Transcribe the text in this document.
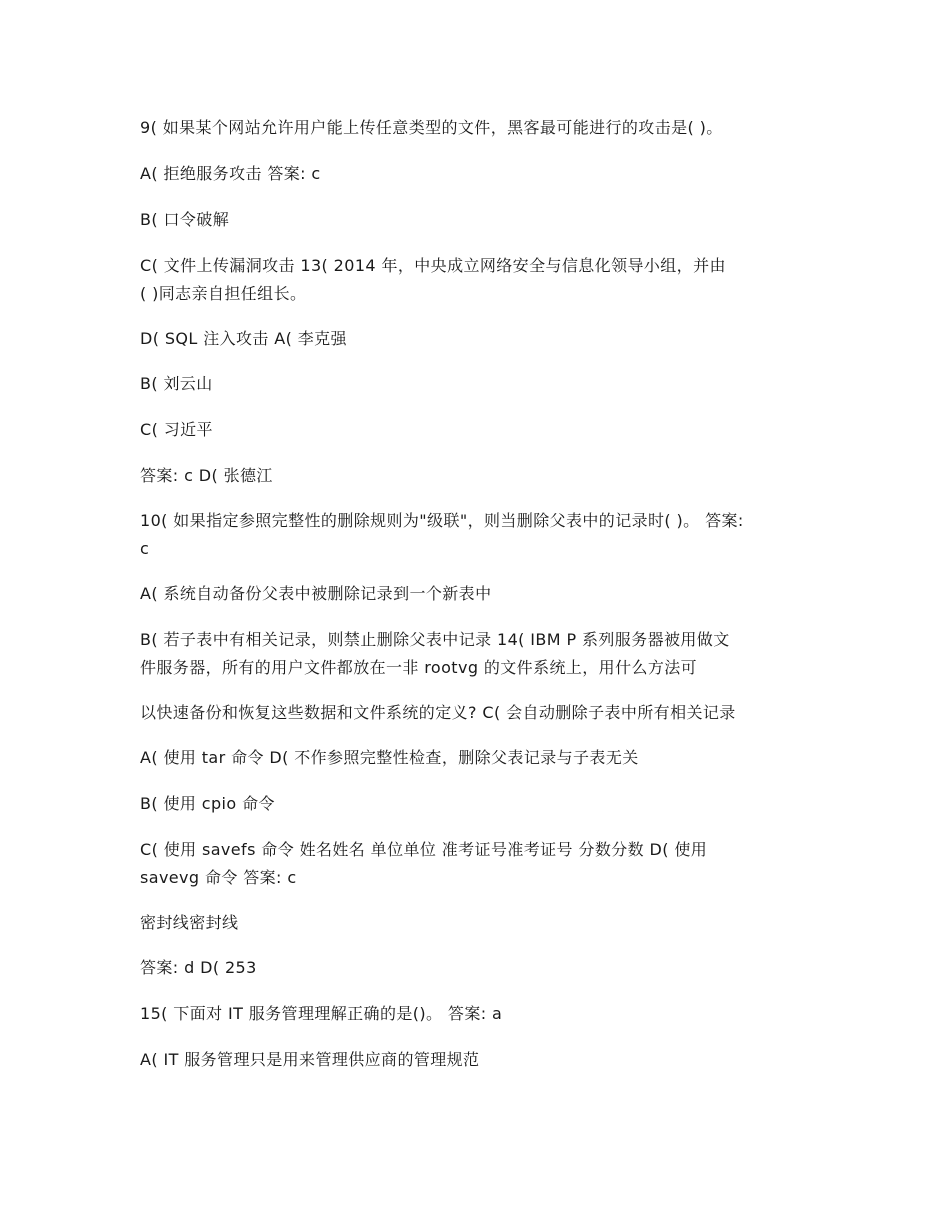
9( 如果某个网站允许用户能上传任意类型的文件，黑客最可能进行的攻击是( )。
A( 拒绝服务攻击 答案: c
B( 口令破解
C( 文件上传漏洞攻击 13( 2014 年，中央成立网络安全与信息化领导小组，并由
( )同志亲自担任组长。
D( SQL 注入攻击 A( 李克强
B( 刘云山
C( 习近平
答案: c D( 张德江
10( 如果指定参照完整性的删除规则为"级联"，则当删除父表中的记录时( )。 答案:
c
A( 系统自动备份父表中被删除记录到一个新表中
B( 若子表中有相关记录，则禁止删除父表中记录 14( IBM P 系列服务器被用做文
件服务器，所有的用户文件都放在一非 rootvg 的文件系统上，用什么方法可
以快速备份和恢复这些数据和文件系统的定义? C( 会自动删除子表中所有相关记录
A( 使用 tar 命令 D( 不作参照完整性检查，删除父表记录与子表无关
B( 使用 cpio 命令
C( 使用 savefs 命令 姓名姓名 单位单位 准考证号准考证号 分数分数 D( 使用
savevg 命令 答案: c
密封线密封线
答案: d D( 253
15( 下面对 IT 服务管理理解正确的是()。 答案: a
A( IT 服务管理只是用来管理供应商的管理规范
